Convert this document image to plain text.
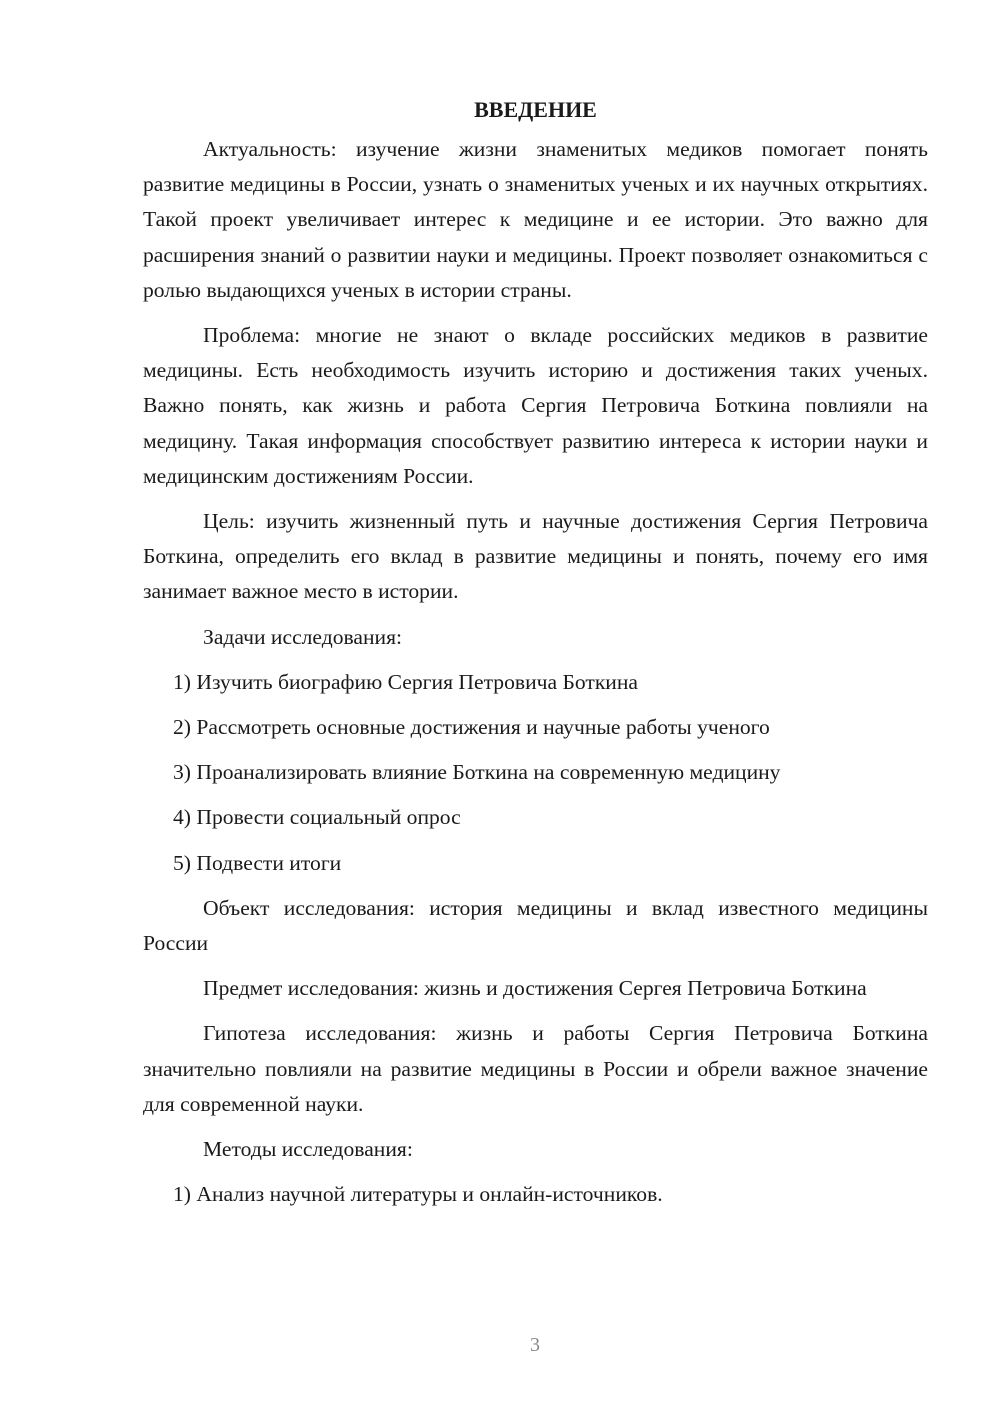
ВВЕДЕНИЕ

Актуальность: изучение жизни знаменитых медиков помогает понять развитие медицины в России, узнать о знаменитых ученых и их научных открытиях. Такой проект увеличивает интерес к медицине и ее истории. Это важно для расширения знаний о развитии науки и медицины. Проект позволяет ознакомиться с ролью выдающихся ученых в истории страны.

Проблема: многие не знают о вкладе российских медиков в развитие медицины. Есть необходимость изучить историю и достижения таких ученых. Важно понять, как жизнь и работа Сергия Петровича Боткина повлияли на медицину. Такая информация способствует развитию интереса к истории науки и медицинским достижениям России.

Цель: изучить жизненный путь и научные достижения Сергия Петровича Боткина, определить его вклад в развитие медицины и понять, почему его имя занимает важное место в истории.

Задачи исследования:

1) Изучить биографию Сергия Петровича Боткина
2) Рассмотреть основные достижения и научные работы ученого
3) Проанализировать влияние Боткина на современную медицину
4) Провести социальный опрос
5) Подвести итоги

Объект исследования: история медицины и вклад известного медицины России

Предмет исследования: жизнь и достижения Сергея Петровича Боткина

Гипотеза исследования: жизнь и работы Сергия Петровича Боткина значительно повлияли на развитие медицины в России и обрели важное значение для современной науки.

Методы исследования:

1) Анализ научной литературы и онлайн-источников.
3
